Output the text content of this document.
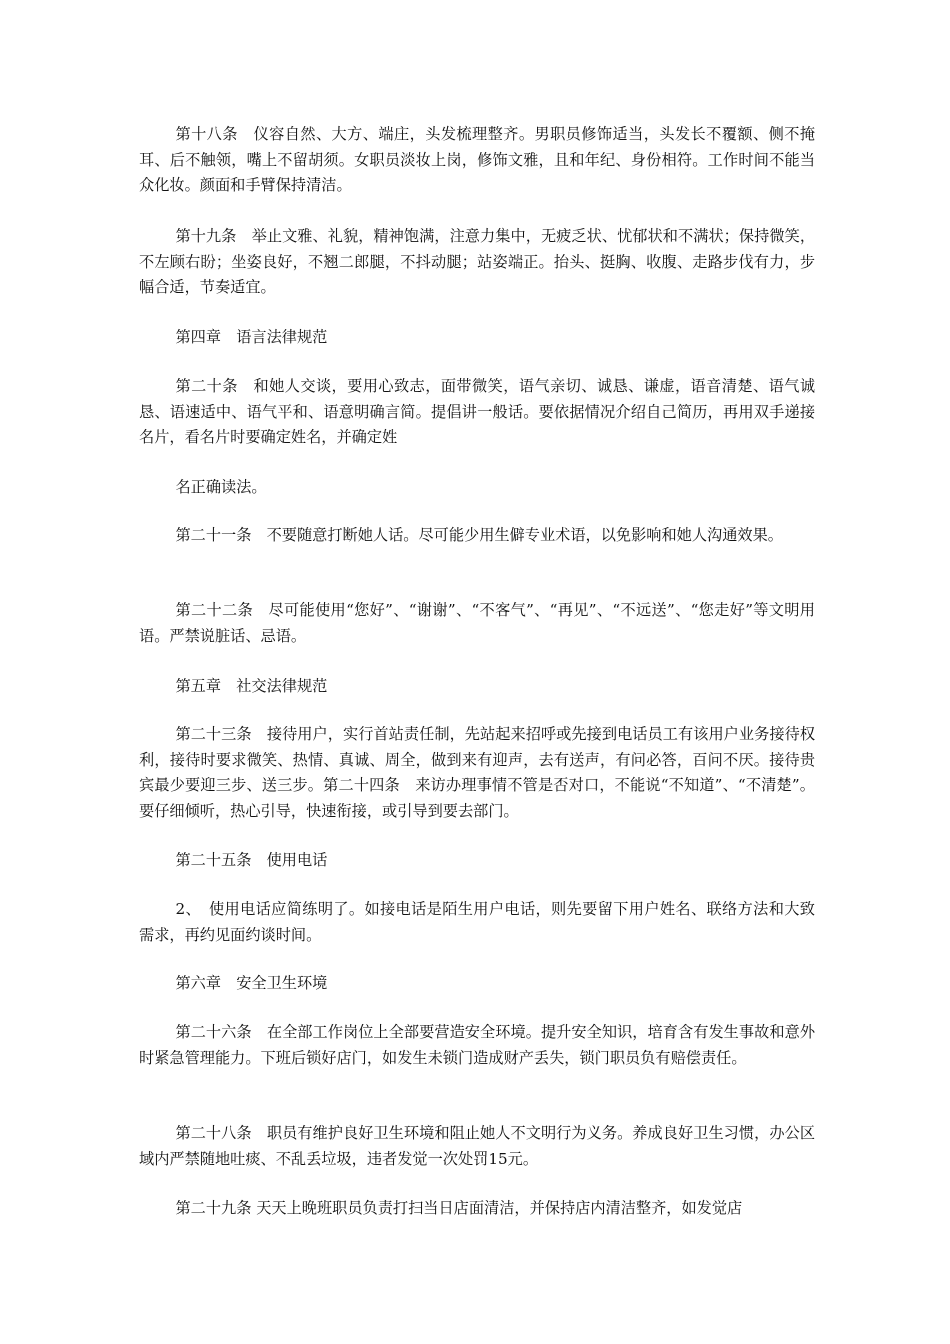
第十八条　仪容自然、大方、端庄，头发梳理整齐。男职员修饰适当，头发长不覆额、侧不掩耳、后不触领，嘴上不留胡须。女职员淡妆上岗，修饰文雅，且和年纪、身份相符。工作时间不能当众化妆。颜面和手臂保持清洁。

第十九条　举止文雅、礼貌，精神饱满，注意力集中，无疲乏状、忧郁状和不满状；保持微笑，不左顾右盼；坐姿良好，不翘二郎腿，不抖动腿；站姿端正。抬头、挺胸、收腹、走路步伐有力，步幅合适，节奏适宜。

第四章　语言法律规范

第二十条　和她人交谈，要用心致志，面带微笑，语气亲切、诚恳、谦虚，语音清楚、语气诚恳、语速适中、语气平和、语意明确言简。提倡讲一般话。要依据情况介绍自己简历，再用双手递接名片，看名片时要确定姓名，并确定姓

名正确读法。

第二十一条　不要随意打断她人话。尽可能少用生僻专业术语，以免影响和她人沟通效果。

第二十二条　尽可能使用“您好”、“谢谢”、“不客气”、“再见”、“不远送”、“您走好”等文明用语。严禁说脏话、忌语。

第五章　社交法律规范

第二十三条　接待用户，实行首站责任制，先站起来招呼或先接到电话员工有该用户业务接待权利，接待时要求微笑、热情、真诚、周全，做到来有迎声，去有送声，有问必答，百问不厌。接待贵宾最少要迎三步、送三步。第二十四条　来访办理事情不管是否对口，不能说“不知道”、“不清楚”。要仔细倾听，热心引导，快速衔接，或引导到要去部门。

第二十五条　使用电话

2、　使用电话应简练明了。如接电话是陌生用户电话，则先要留下用户姓名、联络方法和大致需求，再约见面约谈时间。

第六章　安全卫生环境

第二十六条　在全部工作岗位上全部要营造安全环境。提升安全知识，培育含有发生事故和意外时紧急管理能力。下班后锁好店门，如发生未锁门造成财产丢失，锁门职员负有赔偿责任。

第二十八条　职员有维护良好卫生环境和阻止她人不文明行为义务。养成良好卫生习惯，办公区域内严禁随地吐痰、不乱丢垃圾，违者发觉一次处罚15元。

第二十九条 天天上晚班职员负责打扫当日店面清洁，并保持店内清洁整齐，如发觉店
